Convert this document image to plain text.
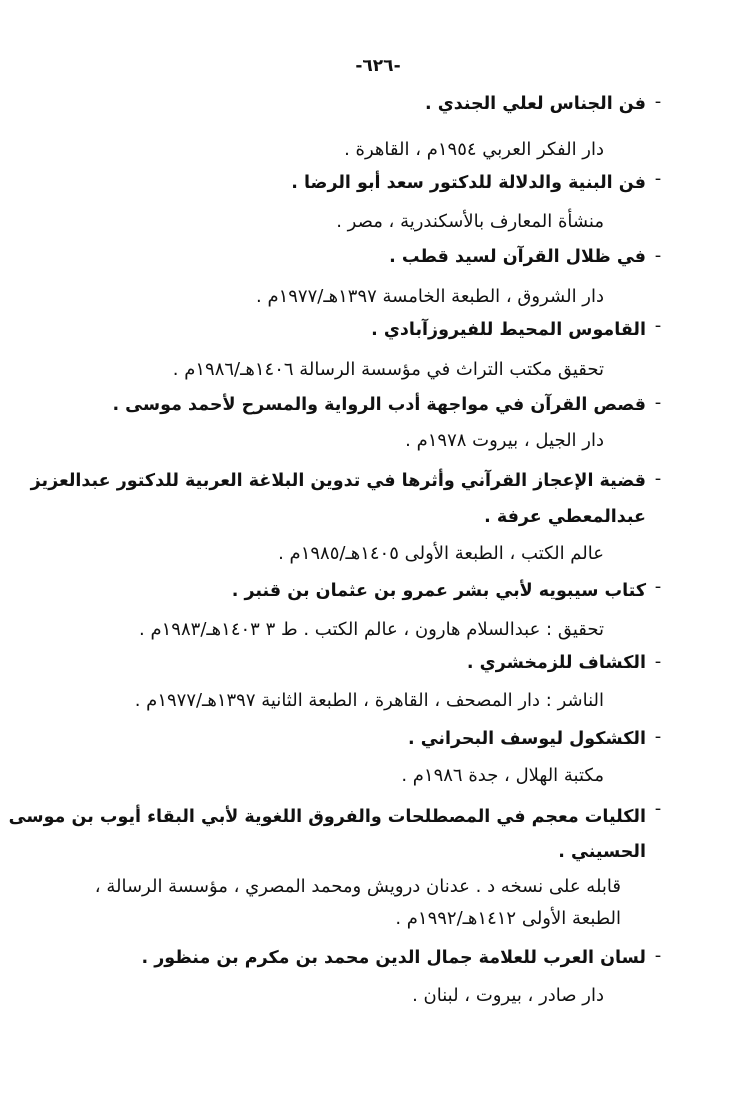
-٦٢٦-
-
فن الجناس لعلي الجندي .
دار الفكر العربي ١٩٥٤م ، القاهرة .
-
فن البنية والدلالة للدكتور سعد أبو الرضا .
منشأة المعارف بالأسكندرية ، مصر .
-
في ظلال القرآن لسيد قطب .
دار الشروق ، الطبعة الخامسة ١٣٩٧هـ/١٩٧٧م .
-
القاموس المحيط للفيروزآبادي .
تحقيق مكتب التراث في مؤسسة الرسالة ١٤٠٦هـ/١٩٨٦م .
-
قصص القرآن في مواجهة أدب الرواية والمسرح لأحمد موسى .
دار الجيل ، بيروت ١٩٧٨م .
-
قضية الإعجاز القرآني وأثرها في تدوين البلاغة العربية للدكتور عبدالعزيز
عبدالمعطي عرفة .
عالم الكتب ، الطبعة الأولى ١٤٠٥هـ/١٩٨٥م .
-
كتاب سيبويه لأبي بشر عمرو بن عثمان بن قنبر .
تحقيق : عبدالسلام هارون ، عالم الكتب . ط ٣ ١٤٠٣هـ/١٩٨٣م .
-
الكشاف للزمخشري .
الناشر : دار المصحف ، القاهرة ، الطبعة الثانية ١٣٩٧هـ/١٩٧٧م .
-
الكشكول ليوسف البحراني .
مكتبة الهلال ، جدة ١٩٨٦م .
-
الكليات معجم في المصطلحات والفروق اللغوية لأبي البقاء أيوب بن موسى
الحسيني .
قابله على نسخه د . عدنان درويش ومحمد المصري ، مؤسسة الرسالة ،
الطبعة الأولى ١٤١٢هـ/١٩٩٢م .
-
لسان العرب للعلامة جمال الدين محمد بن مكرم بن منظور .
دار صادر ، بيروت ، لبنان .
